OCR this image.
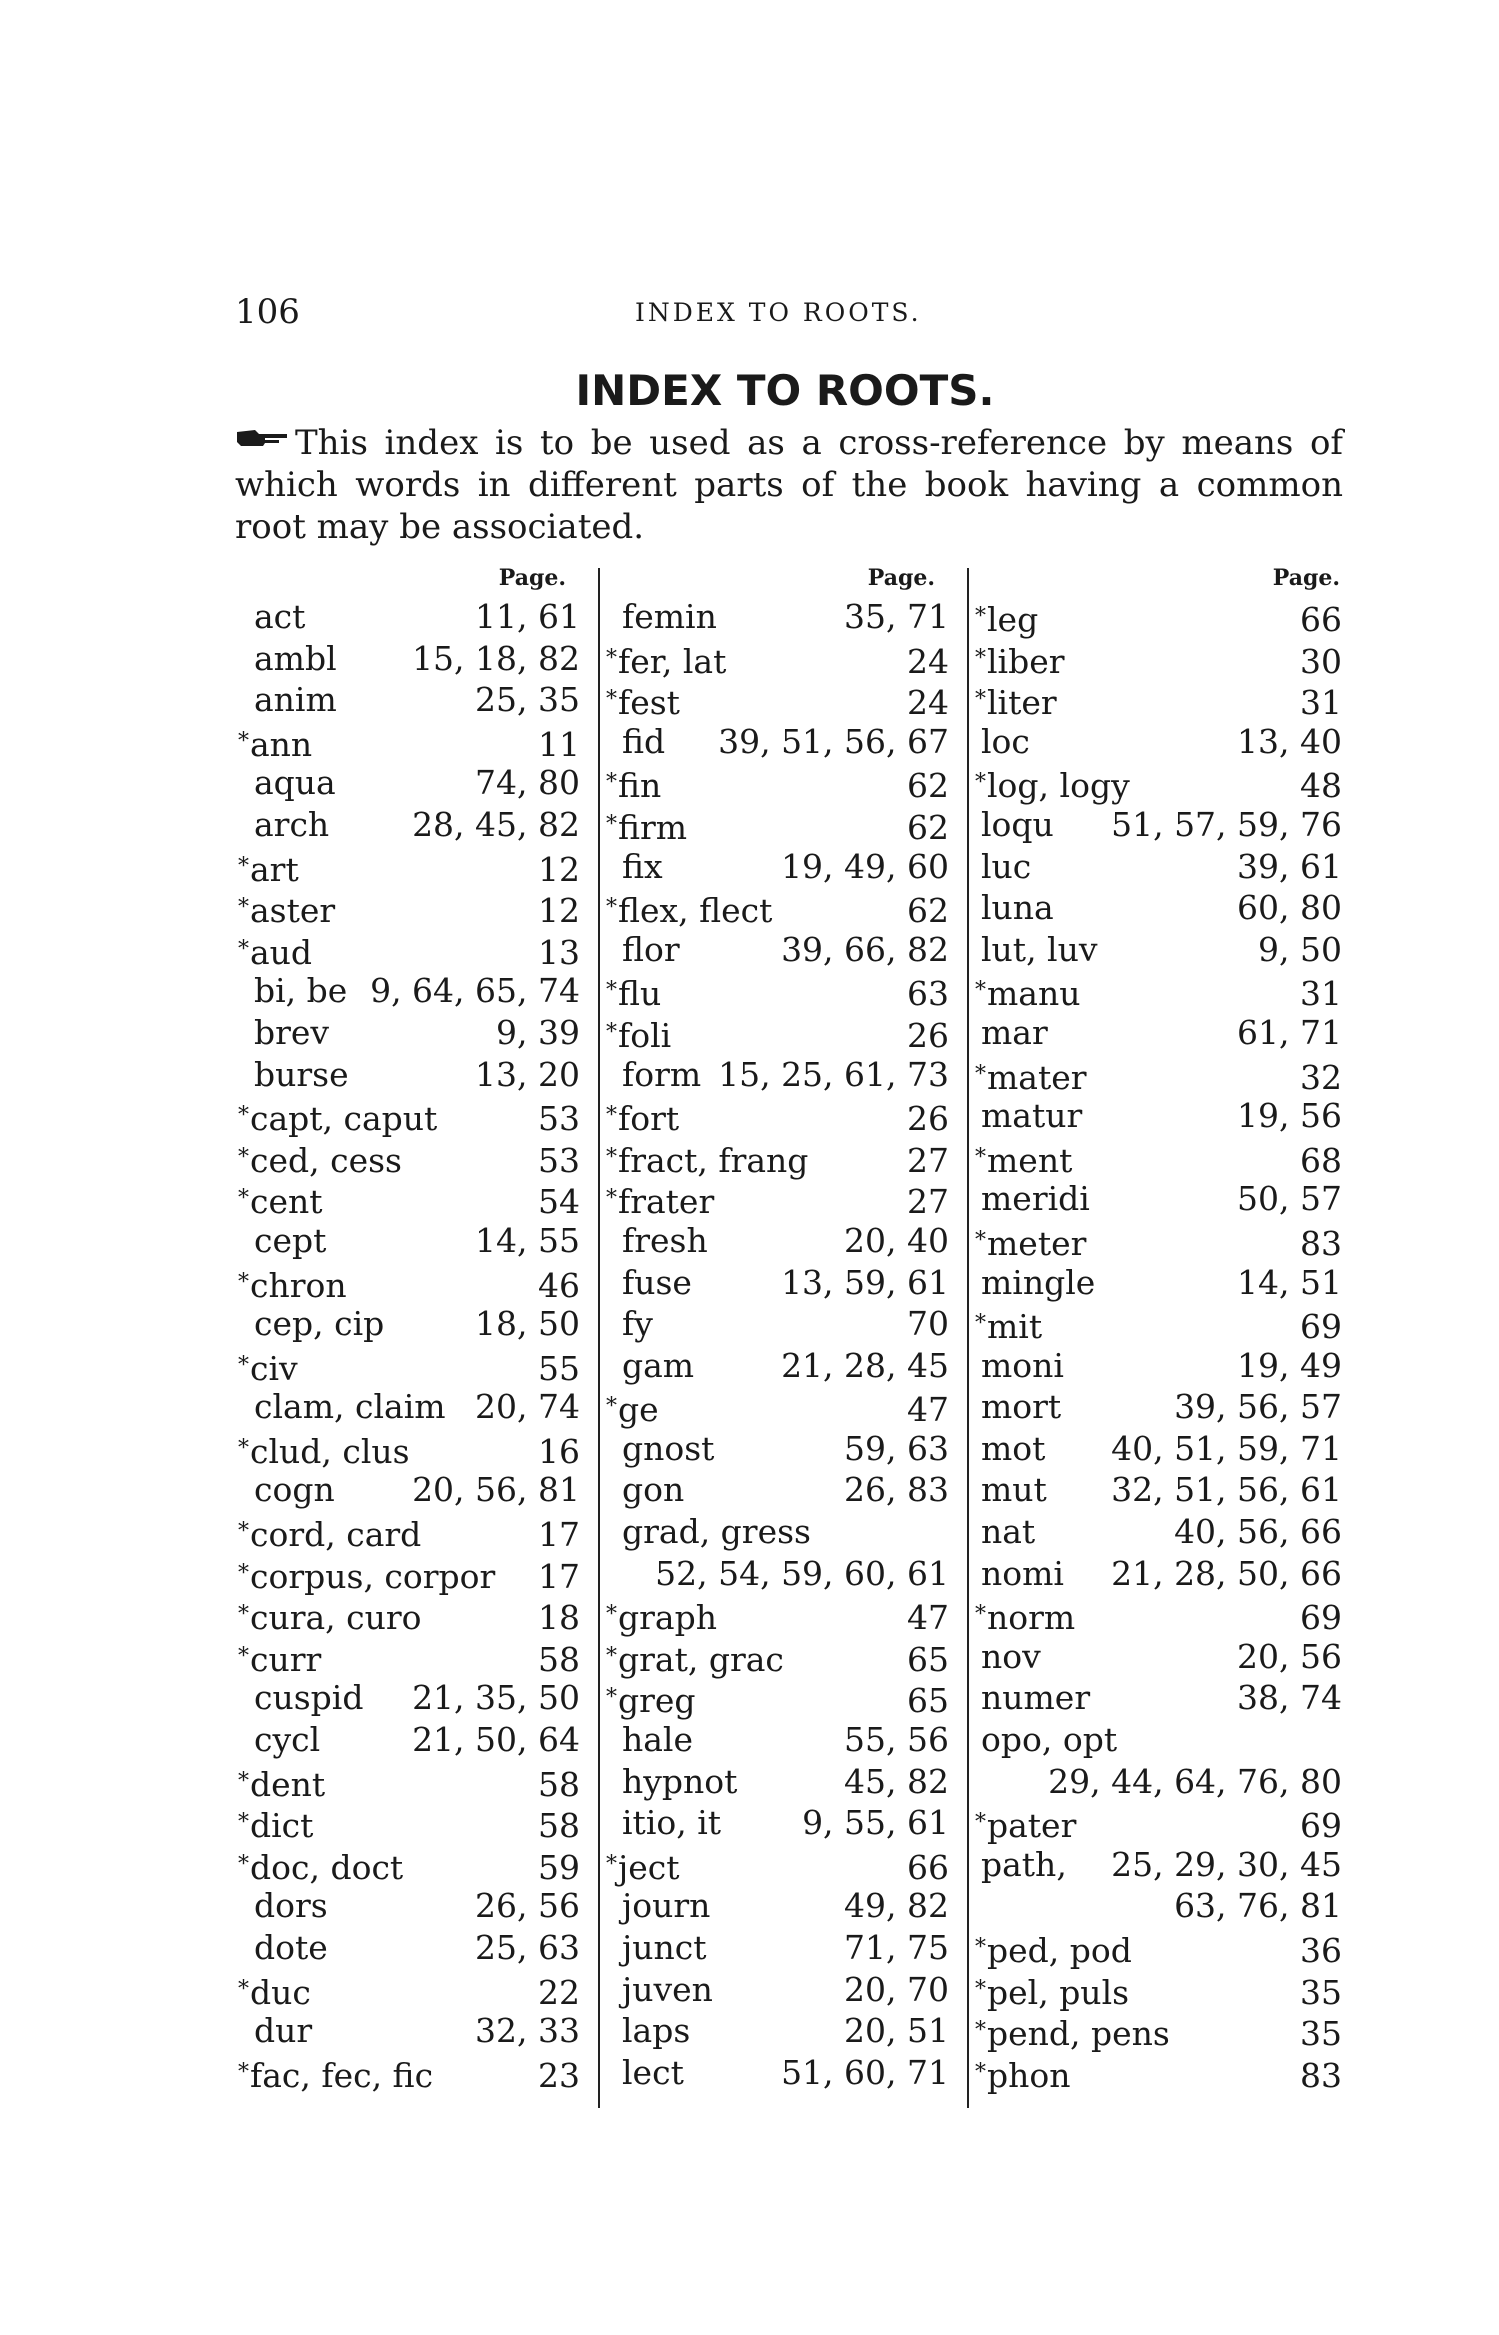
106	INDEX TO ROOTS.
INDEX TO ROOTS.
This index is to be used as a cross-reference by means of which words in different parts of the book having a common root may be associated.
Page.
act	11, 61
ambl 15, 18, 82
anim	25, 35
*ann	11
aqua	74, 80
arch	28, 45, 82
*art	12
*aster	12
*aud	13
bi, be 9, 64, 65, 74
brev	9, 39
burse	13, 20
*capt, caput	53
*ced, cess	53
*cent	54
cept	14, 55
*chron	46
cep, cip	18, 50
*civ	55
clam, claim 20, 74
*clud, clus	16
cogn 20, 56, 81
*cord, card	17
*corpus, corpor 17
*cura, curo	18
*curr	58
cuspid 21, 35, 50
cycl	21, 50, 64
*dent	58
*dict	58
*doc, doct	59
dors	26, 56
dote	25, 63
*duc	22
dur	32, 33
*fac, fec, fic	23
Page.
femin	35, 71
*fer, lat	24
*fest	24
fid 39, 51, 56, 67
*fin	62
*firm	62
fix	19, 49, 60
*flex, flect	62
flor	39, 66, 82
*flu	63
*foli	26
form 15, 25, 61, 73
*fort	26
*fract, frang	27
*frater	27
fresh	20, 40
fuse	13, 59, 61
fy	70
gam	21, 28, 45
*ge	47
gnost	59, 63
gon	26, 83
grad, gress
52, 54, 59, 60, 61
*graph	47
*grat, grac	65
*greg	65
hale	55, 56
hypnot	45, 82
itio, it 9, 55, 61
*ject	66
journ	49, 82
junct	71, 75
juven	20, 70
laps	20, 51
lect	51, 60, 71
Page.
*leg	66
*liber	30
*liter	31
loc	13, 40
*log, logy	48
loqu 51, 57, 59, 76
luc	39, 61
luna	60, 80
lut, luv	9, 50
*manu	31
mar	61, 71
*mater	32
matur	19, 56
*ment	68
meridi	50, 57
*meter	83
mingle	14, 51
*mit	69
moni	19, 49
mort	39, 56, 57
mot 40, 51, 59, 71
mut 32, 51, 56, 61
nat	40, 56, 66
nomi 21, 28, 50, 66
*norm	69
nov	20, 56
numer	38, 74
opo, opt
29, 44, 64, 76, 80
*pater	69
path, 25, 29, 30, 45
63, 76, 81
*ped, pod	36
*pel, puls	35
*pend, pens	35
*phon	83
